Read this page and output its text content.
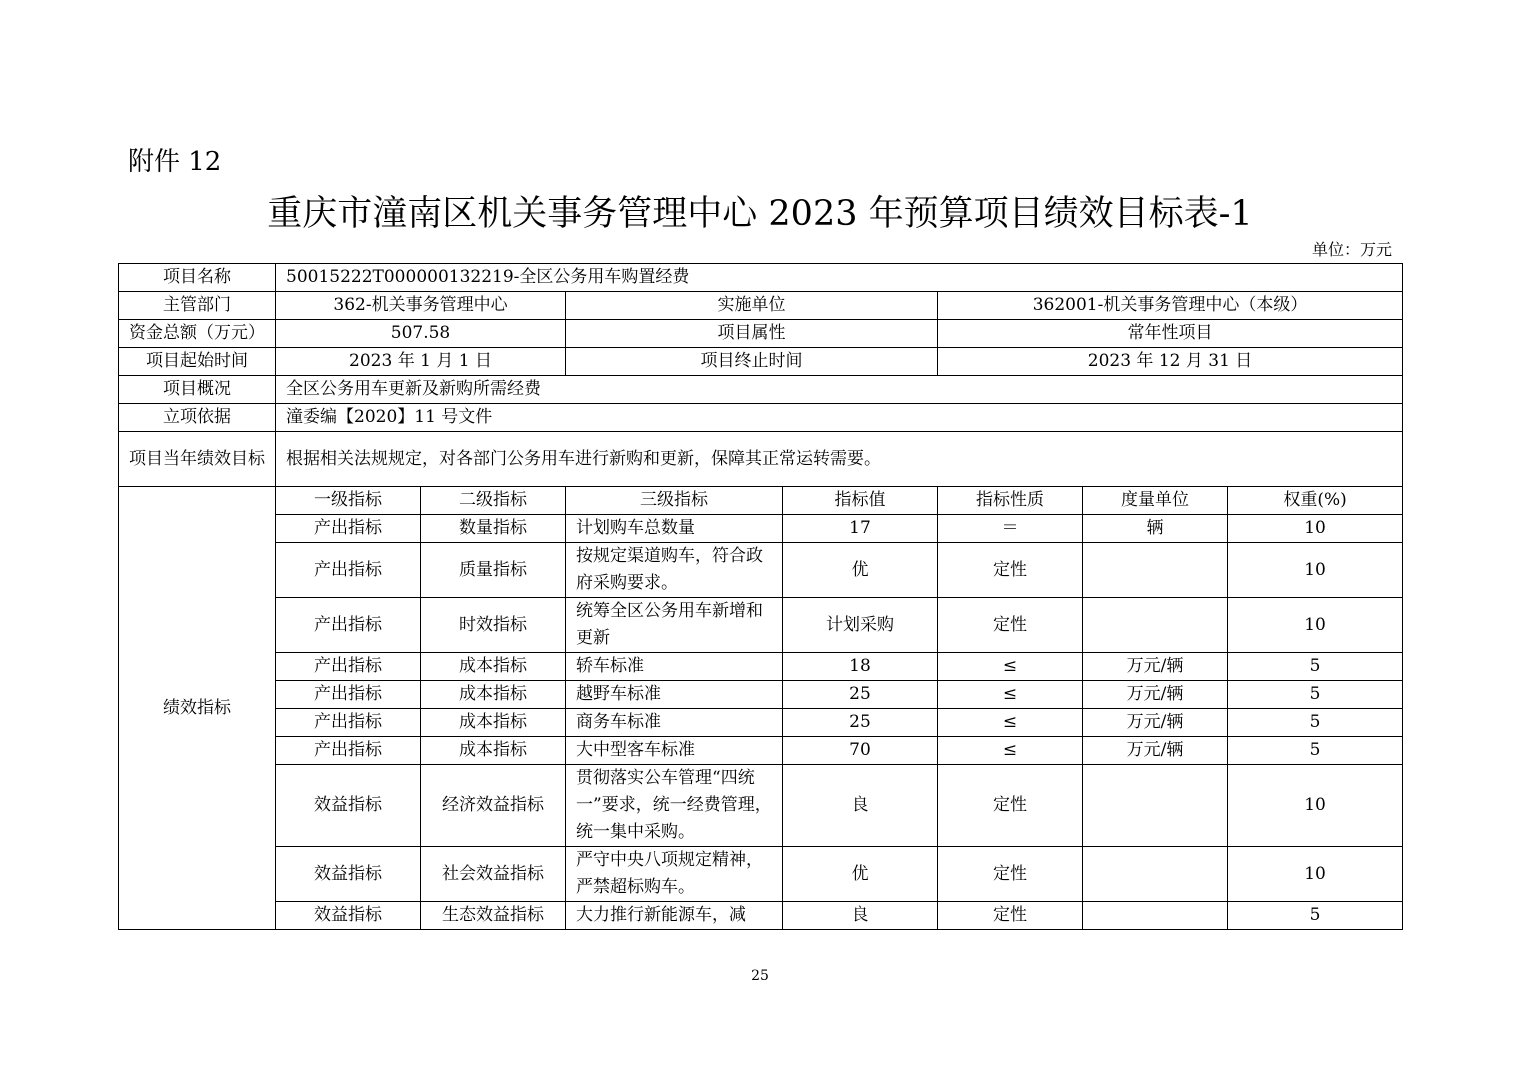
附件 12
重庆市潼南区机关事务管理中心 2023 年预算项目绩效目标表-1
单位：万元
项目名称	50015222T000000132219-全区公务用车购置经费						
主管部门	362-机关事务管理中心		实施单位		362001-机关事务管理中心（本级）		
资金总额（万元）	507.58		项目属性		常年性项目		
项目起始时间	2023 年 1 月 1 日		项目终止时间		2023 年 12 月 31 日		
项目概况	全区公务用车更新及新购所需经费						
立项依据	潼委编【2020】11 号文件						
项目当年绩效目标	根据相关法规规定，对各部门公务用车进行新购和更新，保障其正常运转需要。						
绩效指标	一级指标	二级指标	三级指标	指标值	指标性质	度量单位	权重(%)
	产出指标	数量指标	计划购车总数量	17	＝	辆	10
	产出指标	质量指标	按规定渠道购车，符合政府采购要求。	优	定性		10
	产出指标	时效指标	统筹全区公务用车新增和更新	计划采购	定性		10
	产出指标	成本指标	轿车标准	18	≤	万元/辆	5
	产出指标	成本指标	越野车标准	25	≤	万元/辆	5
	产出指标	成本指标	商务车标准	25	≤	万元/辆	5
	产出指标	成本指标	大中型客车标准	70	≤	万元/辆	5
	效益指标	经济效益指标	贯彻落实公车管理“四统一”要求，统一经费管理，统一集中采购。	良	定性		10
	效益指标	社会效益指标	严守中央八项规定精神，严禁超标购车。	优	定性		10
	效益指标	生态效益指标	大力推行新能源车，减	良	定性		5
25
